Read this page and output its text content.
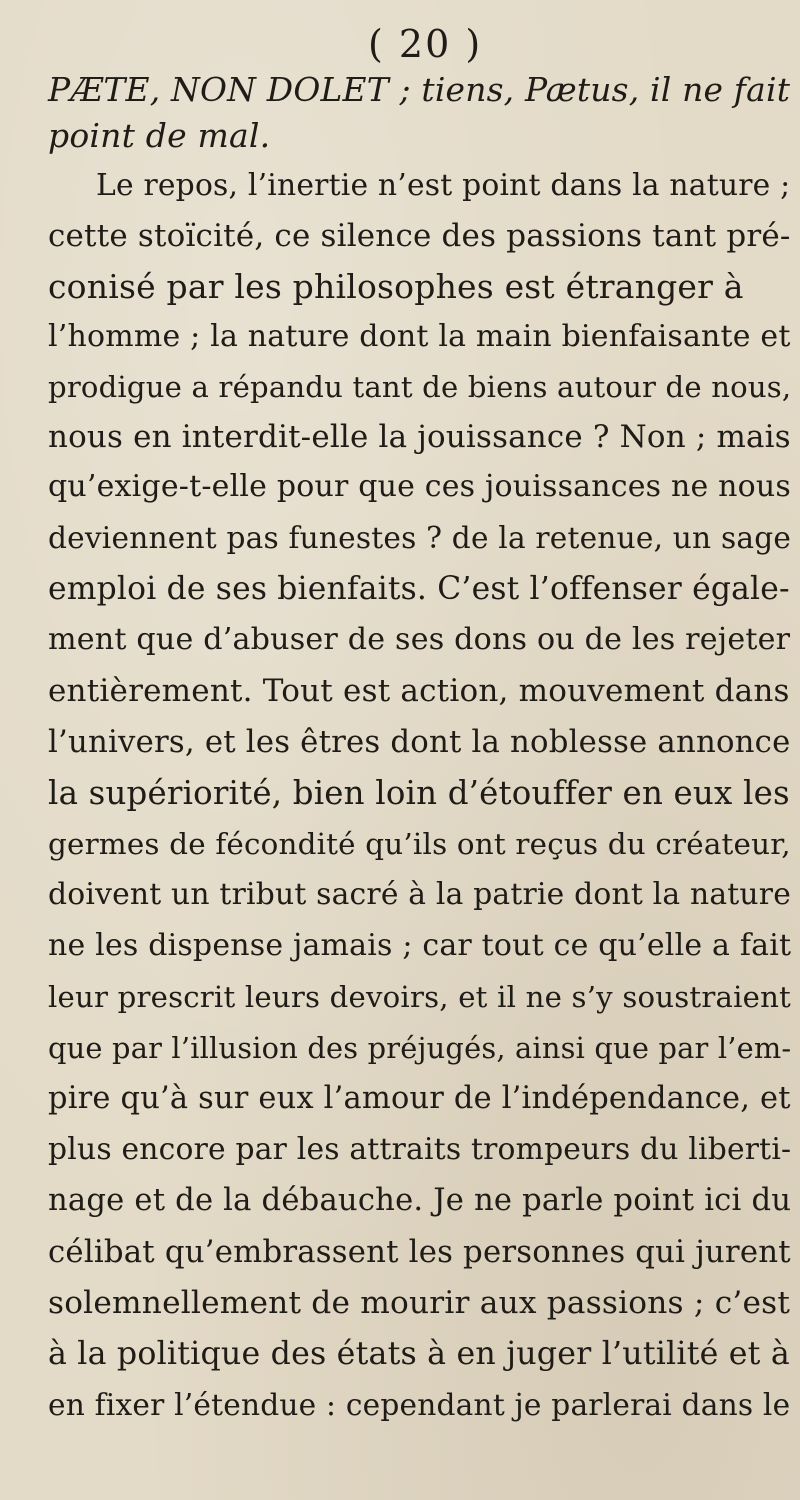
( 20 )
PÆTE, NON DOLET ; tiens, Pætus, il ne fait
point de mal.
Le repos, l’inertie n’est point dans la nature ;
cette stoïcité, ce silence des passions tant pré-
conisé par les philosophes est étranger à
l’homme ; la nature dont la main bienfaisante et
prodigue a répandu tant de biens autour de nous,
nous en interdit-elle la jouissance ? Non ; mais
qu’exige-t-elle pour que ces jouissances ne nous
deviennent pas funestes ? de la retenue, un sage
emploi de ses bienfaits. C’est l’offenser égale-
ment que d’abuser de ses dons ou de les rejeter
entièrement. Tout est action, mouvement dans
l’univers, et les êtres dont la noblesse annonce
la supériorité, bien loin d’étouffer en eux les
germes de fécondité qu’ils ont reçus du créateur,
doivent un tribut sacré à la patrie dont la nature
ne les dispense jamais ; car tout ce qu’elle a fait
leur prescrit leurs devoirs, et il ne s’y soustraient
que par l’illusion des préjugés, ainsi que par l’em-
pire qu’à sur eux l’amour de l’indépendance, et
plus encore par les attraits trompeurs du liberti-
nage et de la débauche. Je ne parle point ici du
célibat qu’embrassent les personnes qui jurent
solemnellement de mourir aux passions ; c’est
à la politique des états à en juger l’utilité et à
en fixer l’étendue : cependant je parlerai dans le
